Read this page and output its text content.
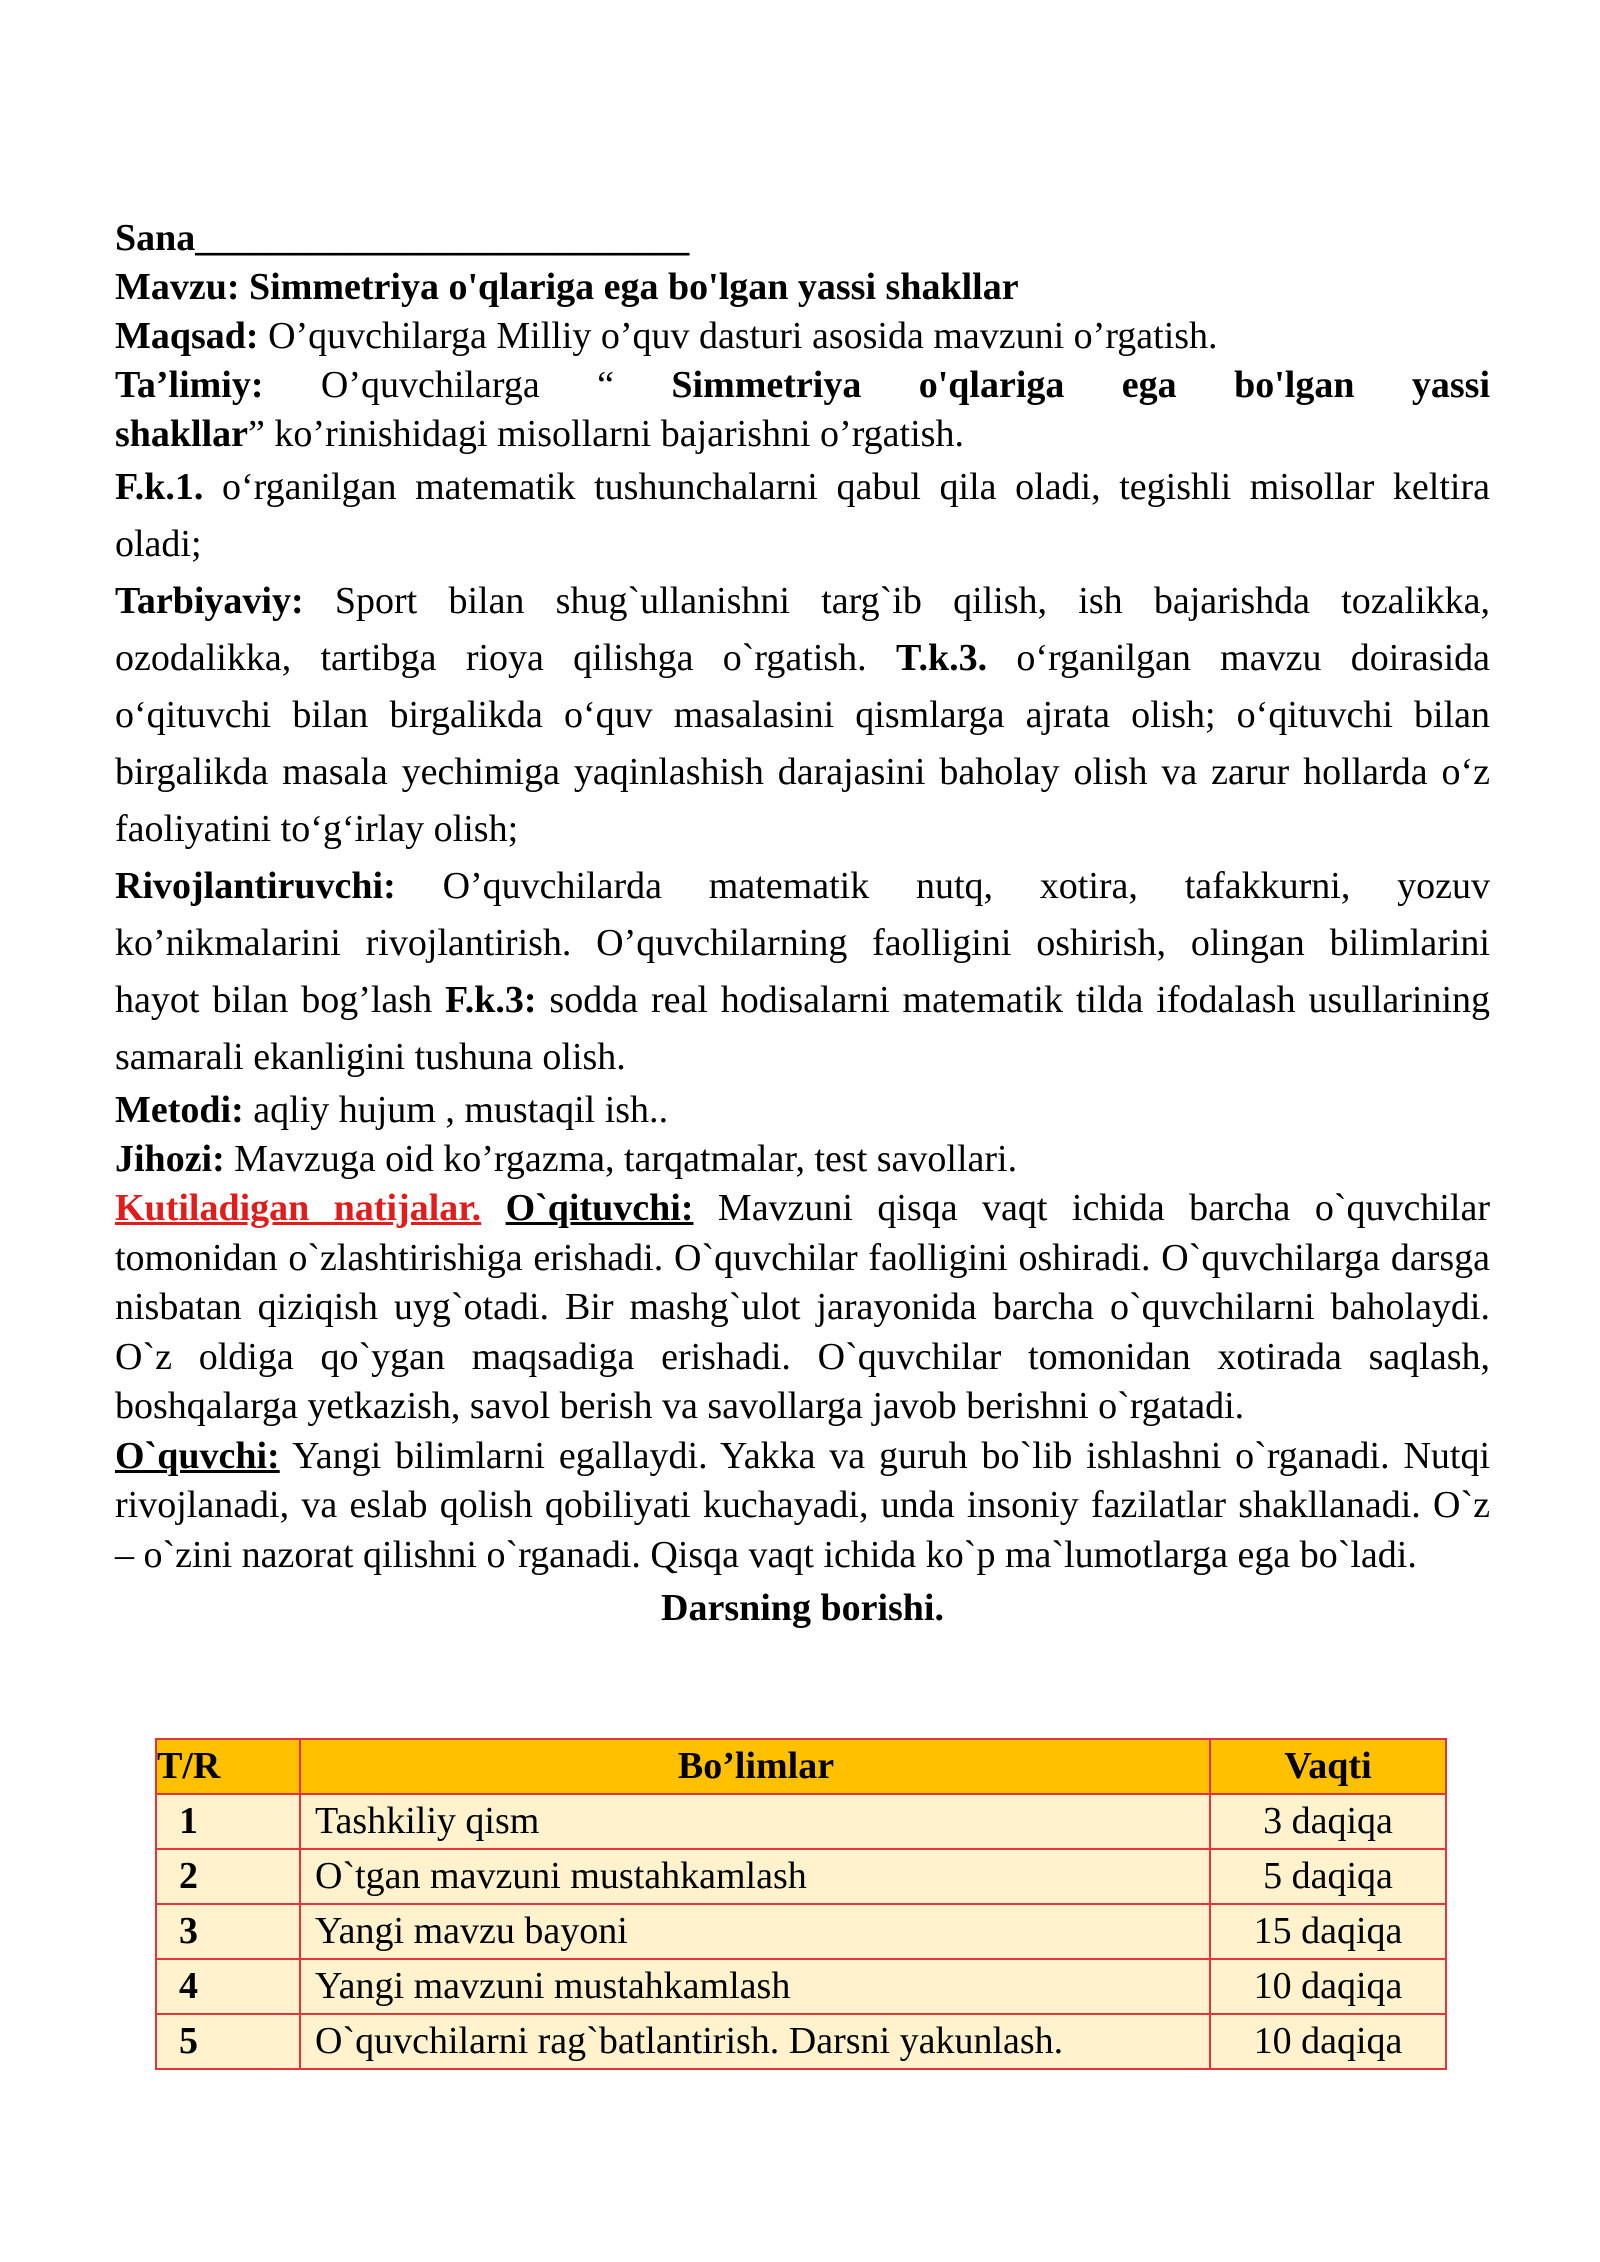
Sana__________________________

Mavzu: Simmetriya o'qlariga ega bo'lgan yassi shakllar

Maqsad: O’quvchilarga Milliy o’quv dasturi asosida mavzuni o’rgatish.

Ta’limiy: O’quvchilarga “ Simmetriya o'qlariga ega bo'lgan yassi

shakllar” ko’rinishidagi misollarni bajarishni o’rgatish.

F.k.1. o‘rganilgan matematik tushunchalarni qabul qila oladi, tegishli misollar keltira oladi;

Tarbiyaviy: Sport bilan shug`ullanishni targ`ib qilish, ish bajarishda tozalikka, ozodalikka, tartibga rioya qilishga o`rgatish. T.k.3. o‘rganilgan mavzu doirasida o‘qituvchi bilan birgalikda o‘quv masalasini qismlarga ajrata olish; o‘qituvchi bilan birgalikda masala yechimiga yaqinlashish darajasini baholay olish va zarur hollarda o‘z faoliyatini to‘g‘irlay olish;

Rivojlantiruvchi: O’quvchilarda matematik nutq, xotira, tafakkurni, yozuv ko’nikmalarini rivojlantirish. O’quvchilarning faolligini oshirish, olingan bilimlarini hayot bilan bog’lash F.k.3: sodda real hodisalarni matematik tilda ifodalash usullarining samarali ekanligini tushuna olish.

Metodi: aqliy hujum , mustaqil ish..

Jihozi: Mavzuga oid ko’rgazma, tarqatmalar, test savollari.

Kutiladigan natijalar. O`qituvchi: Mavzuni qisqa vaqt ichida barcha o`quvchilar tomonidan o`zlashtirishiga erishadi. O`quvchilar faolligini oshiradi. O`quvchilarga darsga nisbatan qiziqish uyg`otadi. Bir mashg`ulot jarayonida barcha o`quvchilarni baholaydi. O`z oldiga qo`ygan maqsadiga erishadi. O`quvchilar tomonidan xotirada saqlash, boshqalarga yetkazish, savol berish va savollarga javob berishni o`rgatadi.

O`quvchi: Yangi bilimlarni egallaydi. Yakka va guruh bo`lib ishlashni o`rganadi. Nutqi rivojlanadi, va eslab qolish qobiliyati kuchayadi, unda insoniy fazilatlar shakllanadi. O`z – o`zini nazorat qilishni o`rganadi. Qisqa vaqt ichida ko`p ma`lumotlarga ega bo`ladi.

Darsning borishi.

T/R	Bo’limlar	Vaqti
1	Tashkiliy qism	3 daqiqa
2	O`tgan mavzuni mustahkamlash	5 daqiqa
3	Yangi mavzu bayoni	15 daqiqa
4	Yangi mavzuni mustahkamlash	10 daqiqa
5	O`quvchilarni rag`batlantirish. Darsni yakunlash.	10 daqiqa
